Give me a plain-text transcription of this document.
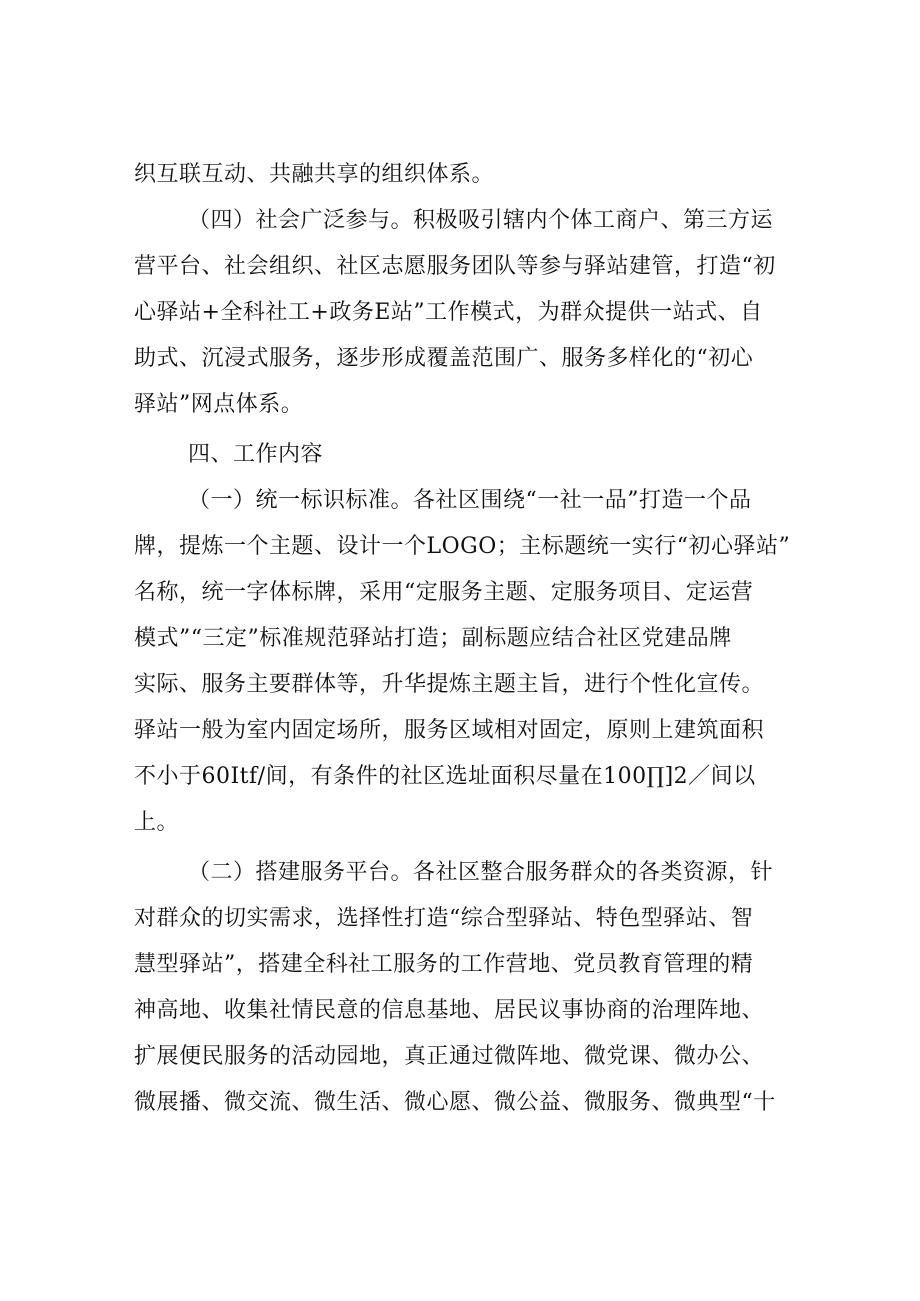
织互联互动、共融共享的组织体系。
（四）社会广泛参与。积极吸引辖内个体工商户、第三方运
营平台、社会组织、社区志愿服务团队等参与驿站建管，打造“初
心驿站+全科社工+政务E站”工作模式，为群众提供一站式、自
助式、沉浸式服务，逐步形成覆盖范围广、服务多样化的“初心
驿站”网点体系。
四、工作内容
（一）统一标识标准。各社区围绕“一社一品”打造一个品
牌，提炼一个主题、设计一个LOGO；主标题统一实行“初心驿站”
名称，统一字体标牌，采用“定服务主题、定服务项目、定运营
模式”“三定”标准规范驿站打造；副标题应结合社区党建品牌
实际、服务主要群体等，升华提炼主题主旨，进行个性化宣传。
驿站一般为室内固定场所，服务区域相对固定，原则上建筑面积
不小于60Itf/间，有条件的社区选址面积尽量在100∏]2／间以
上。
（二）搭建服务平台。各社区整合服务群众的各类资源，针
对群众的切实需求，选择性打造“综合型驿站、特色型驿站、智
慧型驿站”，搭建全科社工服务的工作营地、党员教育管理的精
神高地、收集社情民意的信息基地、居民议事协商的治理阵地、
扩展便民服务的活动园地，真正通过微阵地、微党课、微办公、
微展播、微交流、微生活、微心愿、微公益、微服务、微典型“十
